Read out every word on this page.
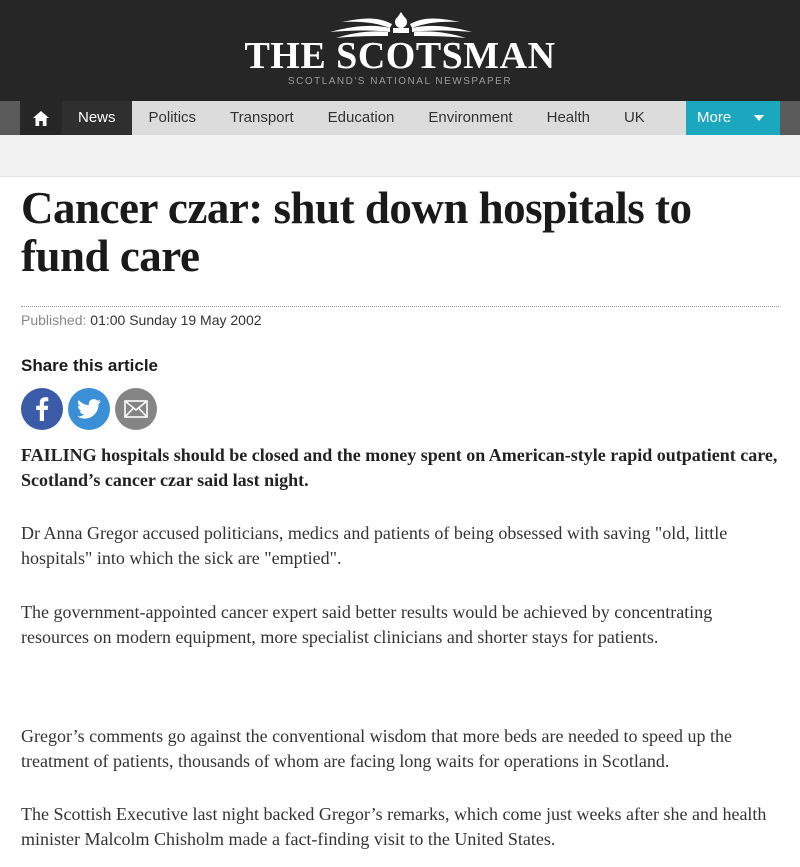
THE SCOTSMAN
SCOTLAND'S NATIONAL NEWSPAPER
News	Politics	Transport	Education	Environment	Health	UK	More
Cancer czar: shut down hospitals to fund care
Published: 01:00 Sunday 19 May 2002
Share this article

FAILING hospitals should be closed and the money spent on American-style rapid outpatient care, Scotland’s cancer czar said last night.

Dr Anna Gregor accused politicians, medics and patients of being obsessed with saving "old, little hospitals" into which the sick are "emptied".

The government-appointed cancer expert said better results would be achieved by concentrating resources on modern equipment, more specialist clinicians and shorter stays for patients.

Gregor’s comments go against the conventional wisdom that more beds are needed to speed up the treatment of patients, thousands of whom are facing long waits for operations in Scotland.

The Scottish Executive last night backed Gregor’s remarks, which come just weeks after she and health minister Malcolm Chisholm made a fact-finding visit to the United States.
